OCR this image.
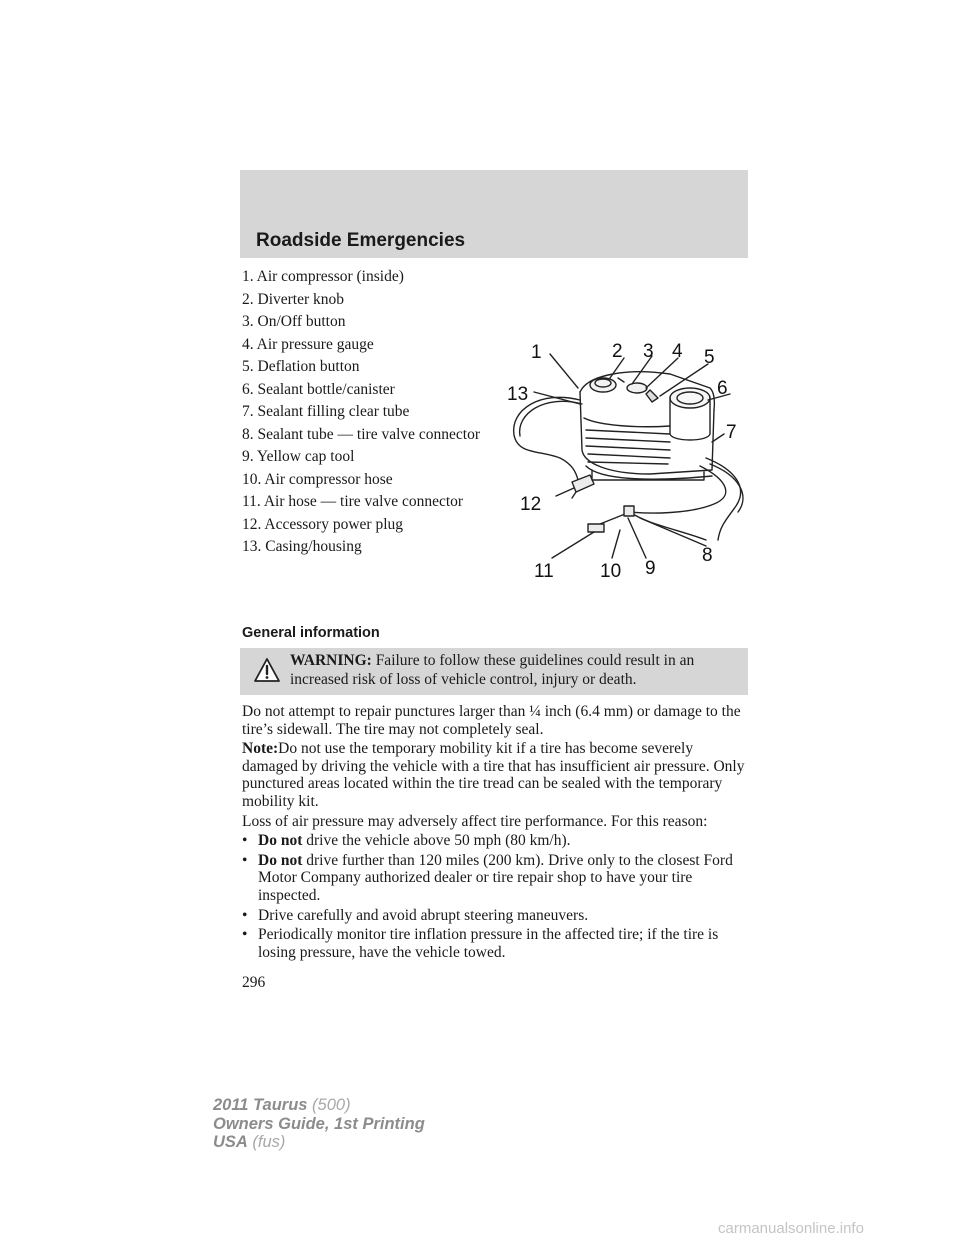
Roadside Emergencies
1. Air compressor (inside)
2. Diverter knob
3. On/Off button
4. Air pressure gauge
5. Deflation button
6. Sealant bottle/canister
7. Sealant filling clear tube
8. Sealant tube — tire valve connector
9. Yellow cap tool
10. Air compressor hose
11. Air hose — tire valve connector
12. Accessory power plug
13. Casing/housing
1	2 3 4 5
6
7
8
9
10
11
12
13
General information
WARNING: Failure to follow these guidelines could result in an increased risk of loss of vehicle control, injury or death.

Do not attempt to repair punctures larger than ¼ inch (6.4 mm) or damage to the tire’s sidewall. The tire may not completely seal.

Note:Do not use the temporary mobility kit if a tire has become severely damaged by driving the vehicle with a tire that has insufficient air pressure. Only punctured areas located within the tire tread can be sealed with the temporary mobility kit.

Loss of air pressure may adversely affect tire performance. For this reason:

• Do not drive the vehicle above 50 mph (80 km/h).
• Do not drive further than 120 miles (200 km). Drive only to the closest Ford Motor Company authorized dealer or tire repair shop to have your tire inspected.
• Drive carefully and avoid abrupt steering maneuvers.
• Periodically monitor tire inflation pressure in the affected tire; if the tire is losing pressure, have the vehicle towed.
296
2011 Taurus (500)
Owners Guide, 1st Printing
USA (fus)
carmanualsonline.info
